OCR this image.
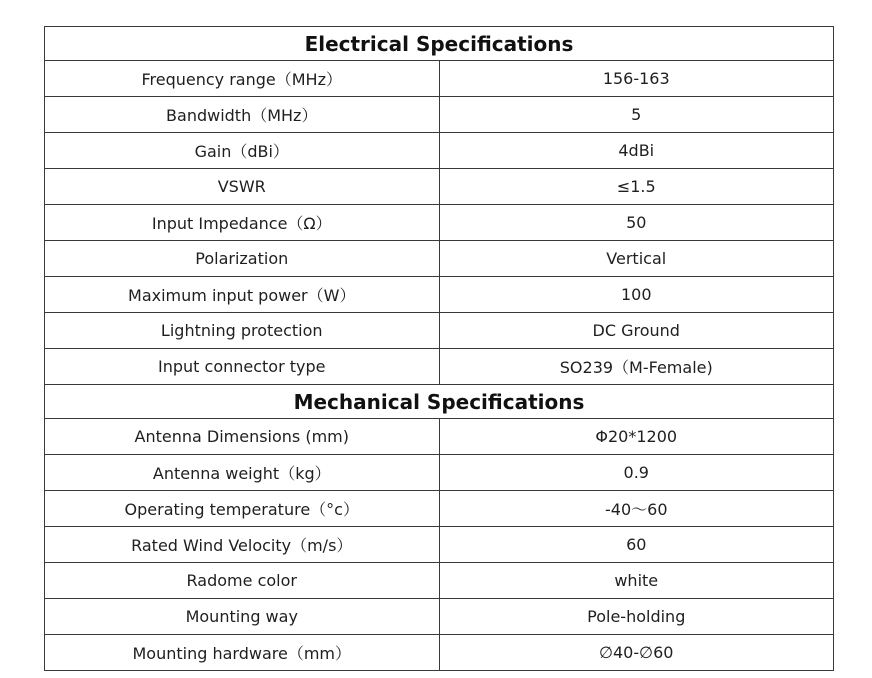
Electrical Specifications	
Frequency range（MHz）	156-163
Bandwidth（MHz）	5
Gain（dBi）	4dBi
VSWR	≤1.5
Input Impedance（Ω）	50
Polarization	Vertical
Maximum input power（W）	100
Lightning protection	DC Ground
Input connector type	SO239（M-Female)
Mechanical Specifications	
Antenna Dimensions (mm)	Φ20*1200
Antenna weight（kg）	0.9
Operating temperature（°c）	-40～60
Rated Wind Velocity（m/s）	60
Radome color	white
Mounting way	Pole-holding
Mounting hardware（mm）	∅40-∅60
